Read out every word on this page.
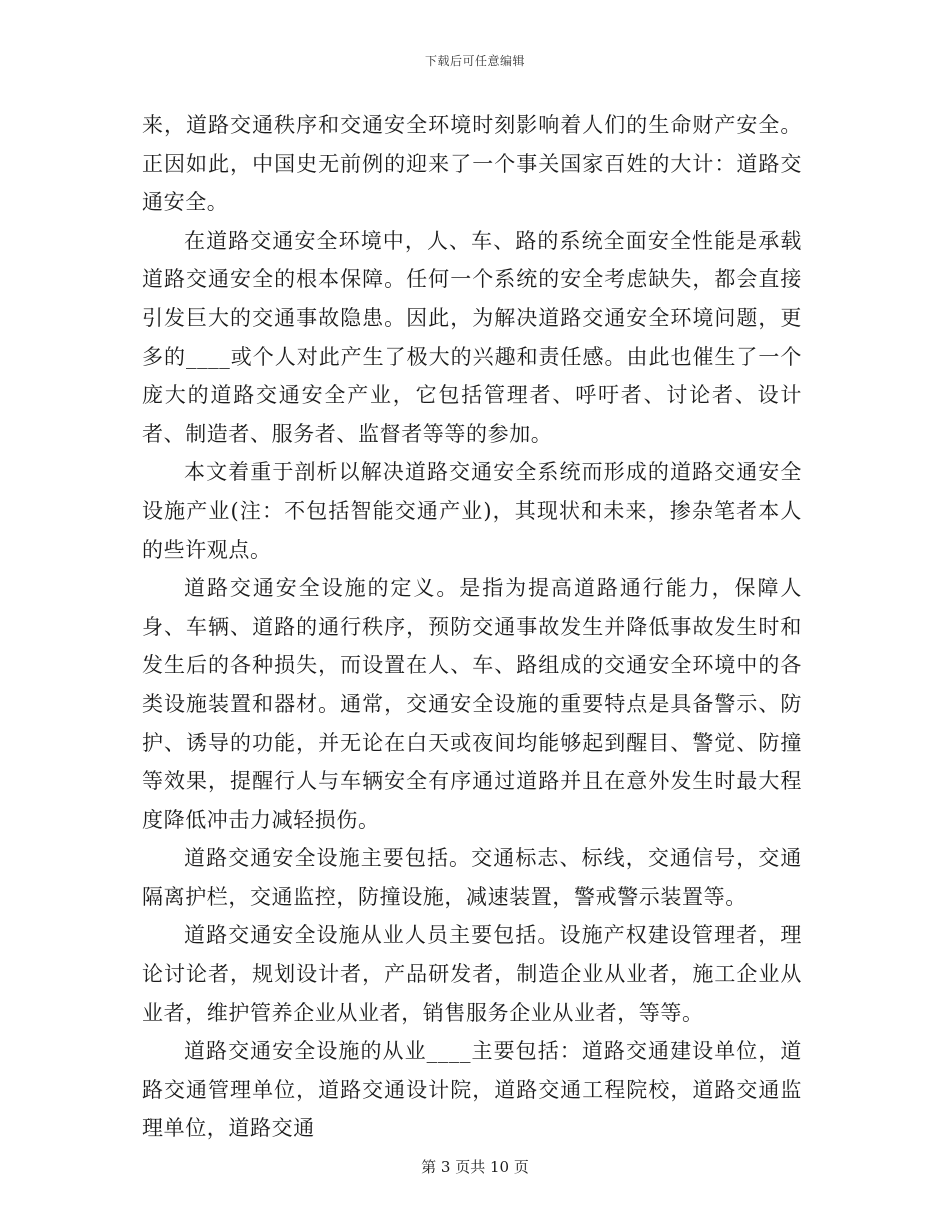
下载后可任意编辑

来，道路交通秩序和交通安全环境时刻影响着人们的生命财产安全。正因如此，中国史无前例的迎来了一个事关国家百姓的大计：道路交通安全。

在道路交通安全环境中，人、车、路的系统全面安全性能是承载道路交通安全的根本保障。任何一个系统的安全考虑缺失，都会直接引发巨大的交通事故隐患。因此，为解决道路交通安全环境问题，更多的____或个人对此产生了极大的兴趣和责任感。由此也催生了一个庞大的道路交通安全产业，它包括管理者、呼吁者、讨论者、设计者、制造者、服务者、监督者等等的参加。

本文着重于剖析以解决道路交通安全系统而形成的道路交通安全设施产业(注：不包括智能交通产业)，其现状和未来，掺杂笔者本人的些许观点。

道路交通安全设施的定义。是指为提高道路通行能力，保障人身、车辆、道路的通行秩序，预防交通事故发生并降低事故发生时和发生后的各种损失，而设置在人、车、路组成的交通安全环境中的各类设施装置和器材。通常，交通安全设施的重要特点是具备警示、防护、诱导的功能，并无论在白天或夜间均能够起到醒目、警觉、防撞等效果，提醒行人与车辆安全有序通过道路并且在意外发生时最大程度降低冲击力减轻损伤。

道路交通安全设施主要包括。交通标志、标线，交通信号，交通隔离护栏，交通监控，防撞设施，减速装置，警戒警示装置等。

道路交通安全设施从业人员主要包括。设施产权建设管理者，理论讨论者，规划设计者，产品研发者，制造企业从业者，施工企业从业者，维护管养企业从业者，销售服务企业从业者，等等。

道路交通安全设施的从业____主要包括：道路交通建设单位，道路交通管理单位，道路交通设计院，道路交通工程院校，道路交通监理单位，道路交通

第 3 页共 10 页
